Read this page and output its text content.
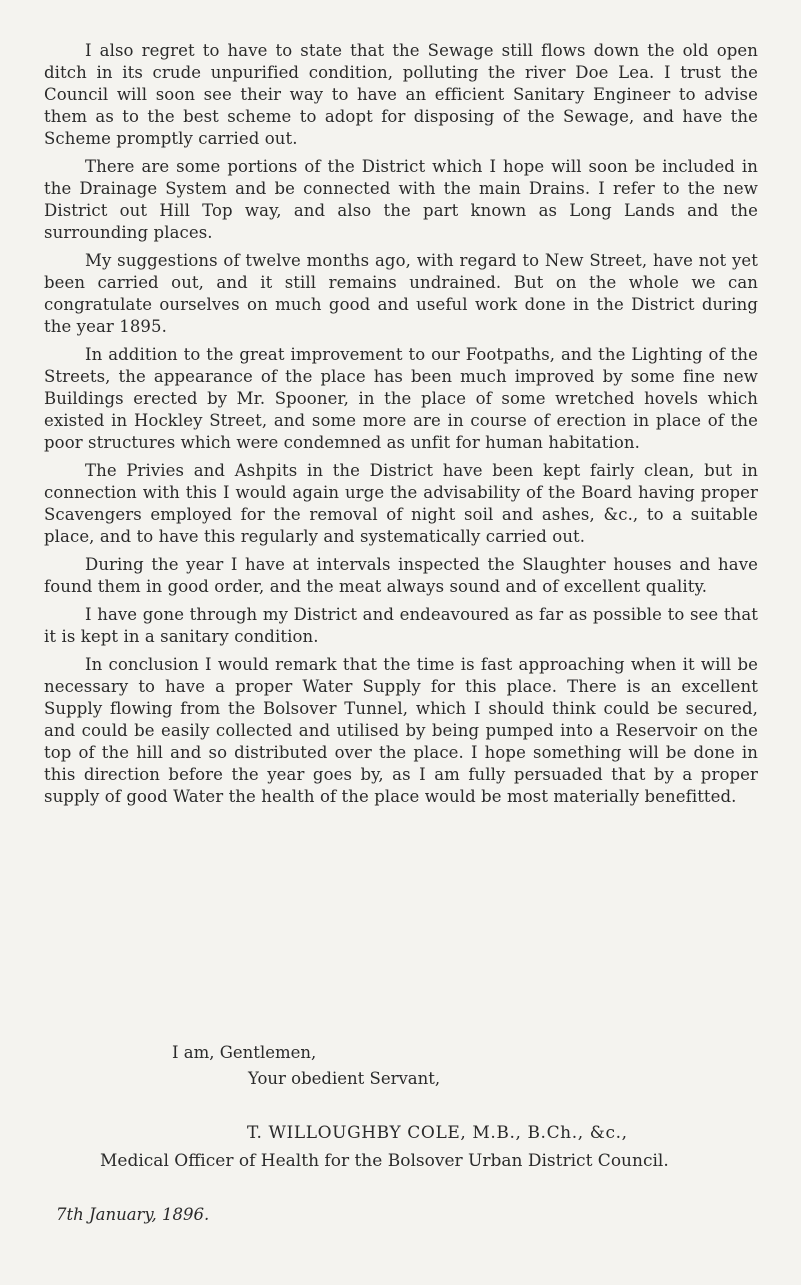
I also regret to have to state that the Sewage still flows down the old open ditch in its crude unpurified condition, polluting the river Doe Lea. I trust the Council will soon see their way to have an efficient Sanitary Engineer to advise them as to the best scheme to adopt for disposing of the Sewage, and have the Scheme promptly carried out.

There are some portions of the District which I hope will soon be included in the Drainage System and be connected with the main Drains. I refer to the new District out Hill Top way, and also the part known as Long Lands and the surrounding places.

My suggestions of twelve months ago, with regard to New Street, have not yet been carried out, and it still remains undrained. But on the whole we can congratulate ourselves on much good and useful work done in the District during the year 1895.

In addition to the great improvement to our Footpaths, and the Lighting of the Streets, the appearance of the place has been much improved by some fine new Buildings erected by Mr. Spooner, in the place of some wretched hovels which existed in Hockley Street, and some more are in course of erection in place of the poor structures which were condemned as unfit for human habitation.

The Privies and Ashpits in the District have been kept fairly clean, but in connection with this I would again urge the advisability of the Board having proper Scavengers employed for the removal of night soil and ashes, &c., to a suitable place, and to have this regularly and systematically carried out.

During the year I have at intervals inspected the Slaughter houses and have found them in good order, and the meat always sound and of excellent quality.

I have gone through my District and endeavoured as far as possible to see that it is kept in a sanitary condition.

In conclusion I would remark that the time is fast approaching when it will be necessary to have a proper Water Supply for this place. There is an excellent Supply flowing from the Bolsover Tunnel, which I should think could be secured, and could be easily collected and utilised by being pumped into a Reservoir on the top of the hill and so distributed over the place. I hope something will be done in this direction before the year goes by, as I am fully persuaded that by a proper supply of good Water the health of the place would be most materially benefitted.

I am, Gentlemen,
Your obedient Servant,
T. WILLOUGHBY COLE, M.B., B.Ch., &c.,
Medical Officer of Health for the Bolsover Urban District Council.
7th January, 1896.
